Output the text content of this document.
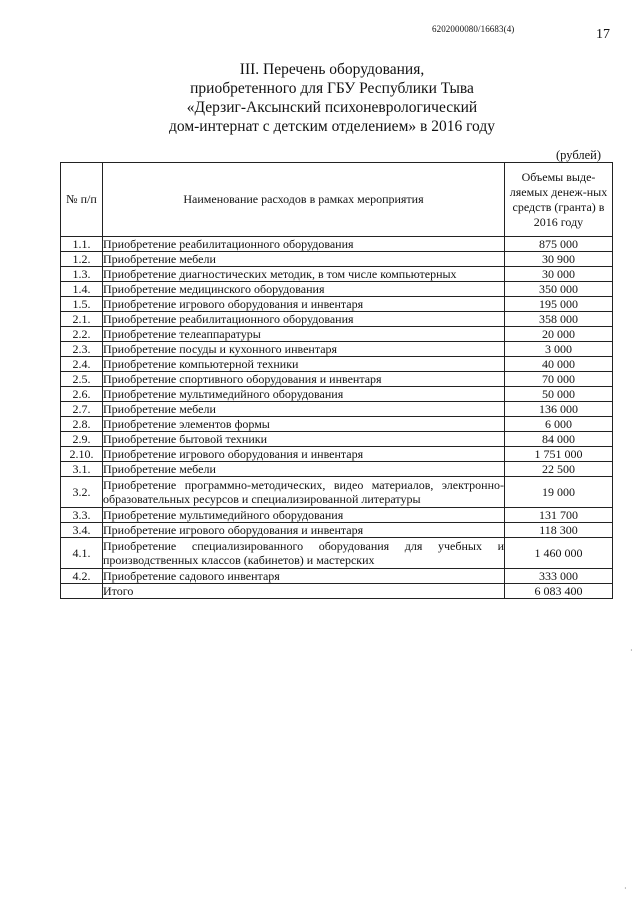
6202000080/16683(4)	17
III. Перечень оборудования,
приобретенного для ГБУ Республики Тыва
«Дерзиг-Аксынский психоневрологический
дом-интернат с детским отделением» в 2016 году
(рублей)
№ п/п	Наименование расходов в рамках мероприятия	Объемы выде-ляемых денеж-ных средств (гранта) в 2016 году
1.1.	Приобретение реабилитационного оборудования	875 000
1.2.	Приобретение мебели	30 900
1.3.	Приобретение диагностических методик, в том числе компьютерных	30 000
1.4.	Приобретение медицинского оборудования	350 000
1.5.	Приобретение игрового оборудования и инвентаря	195 000
2.1.	Приобретение реабилитационного оборудования	358 000
2.2.	Приобретение телеаппаратуры	20 000
2.3.	Приобретение посуды и кухонного инвентаря	3 000
2.4.	Приобретение компьютерной техники	40 000
2.5.	Приобретение спортивного оборудования и инвентаря	70 000
2.6.	Приобретение мультимедийного оборудования	50 000
2.7.	Приобретение мебели	136 000
2.8.	Приобретение элементов формы	6 000
2.9.	Приобретение бытовой техники	84 000
2.10.	Приобретение игрового оборудования и инвентаря	1 751 000
3.1.	Приобретение мебели	22 500
3.2.	Приобретение программно-методических, видео материалов, электронно-образовательных ресурсов и специализированной литературы	19 000
3.3.	Приобретение мультимедийного оборудования	131 700
3.4.	Приобретение игрового оборудования и инвентаря	118 300
4.1.	Приобретение специализированного оборудования для учебных и производственных классов (кабинетов) и мастерских	1 460 000
4.2.	Приобретение садового инвентаря	333 000
	Итого	6 083 400
·
·
